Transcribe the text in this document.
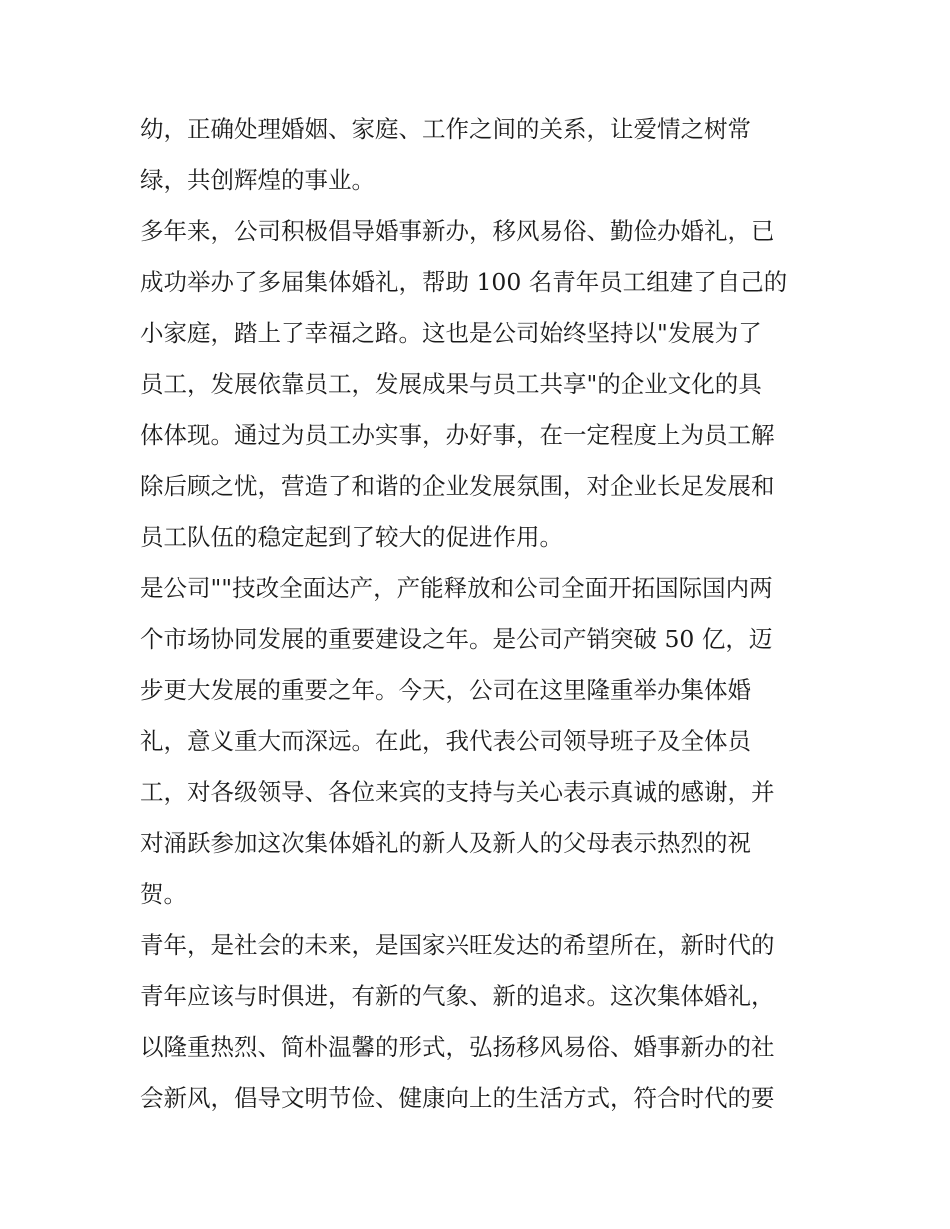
幼，正确处理婚姻、家庭、工作之间的关系，让爱情之树常
绿，共创辉煌的事业。
多年来，公司积极倡导婚事新办，移风易俗、勤俭办婚礼，已
成功举办了多届集体婚礼，帮助 100 名青年员工组建了自己的
小家庭，踏上了幸福之路。这也是公司始终坚持以"发展为了
员工，发展依靠员工，发展成果与员工共享"的企业文化的具
体体现。通过为员工办实事，办好事，在一定程度上为员工解
除后顾之忧，营造了和谐的企业发展氛围，对企业长足发展和
员工队伍的稳定起到了较大的促进作用。
是公司""技改全面达产，产能释放和公司全面开拓国际国内两
个市场协同发展的重要建设之年。是公司产销突破 50 亿，迈
步更大发展的重要之年。今天，公司在这里隆重举办集体婚
礼，意义重大而深远。在此，我代表公司领导班子及全体员
工，对各级领导、各位来宾的支持与关心表示真诚的感谢，并
对涌跃参加这次集体婚礼的新人及新人的父母表示热烈的祝
贺。
青年，是社会的未来，是国家兴旺发达的希望所在，新时代的
青年应该与时俱进，有新的气象、新的追求。这次集体婚礼，
以隆重热烈、简朴温馨的形式，弘扬移风易俗、婚事新办的社
会新风，倡导文明节俭、健康向上的生活方式，符合时代的要
